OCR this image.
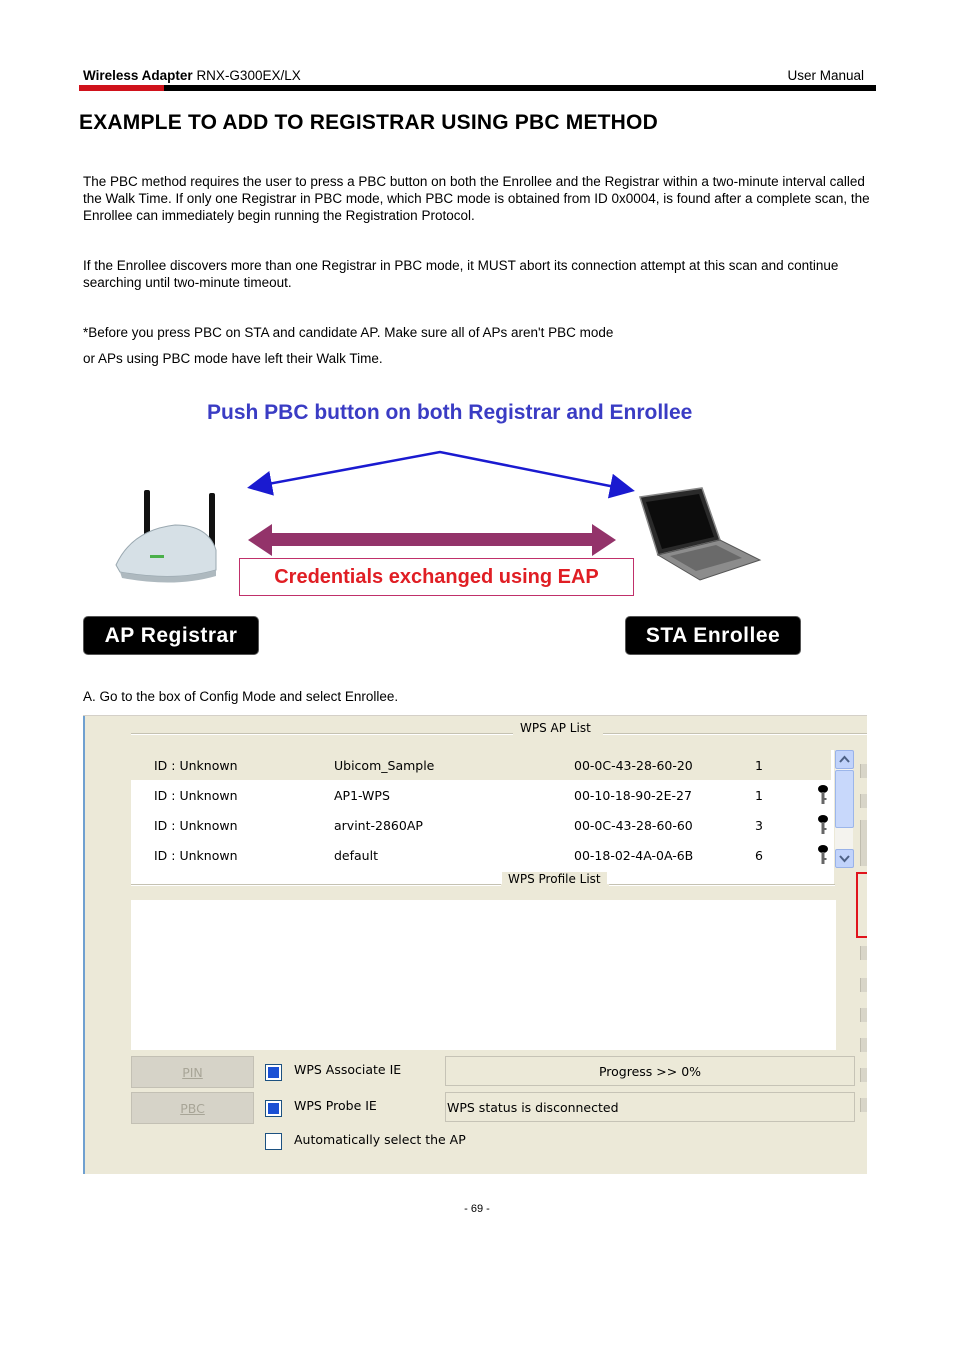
Wireless Adapter RNX-G300EX/LX	User Manual
EXAMPLE TO ADD TO REGISTRAR USING PBC METHOD

The PBC method requires the user to press a PBC button on both the Enrollee and the Registrar within a two-minute interval called the Walk Time. If only one Registrar in PBC mode, which PBC mode is obtained from ID 0x0004, is found after a complete scan, the Enrollee can immediately begin running the Registration Protocol.

If the Enrollee discovers more than one Registrar in PBC mode, it MUST abort its connection attempt at this scan and continue searching until two-minute timeout.

*Before you press PBC on STA and candidate AP. Make sure all of APs aren't PBC mode

or APs using PBC mode have left their Walk Time.

Push PBC button on both Registrar and Enrollee
Credentials exchanged using EAP
AP Registrar	STA Enrollee
A. Go to the box of Config Mode and select Enrollee.
WPS AP List
ID : Unknown	Ubicom_Sample	00-0C-43-28-60-20	1
ID : Unknown	AP1-WPS	00-10-18-90-2E-27	1
ID : Unknown	arvint-2860AP	00-0C-43-28-60-60	3
ID : Unknown	default	00-18-02-4A-0A-6B	6
WPS Profile List
PIN
PBC
WPS Associate IE
WPS Probe IE
Automatically select the AP
Progress >> 0%
WPS status is disconnected
- 69 -
